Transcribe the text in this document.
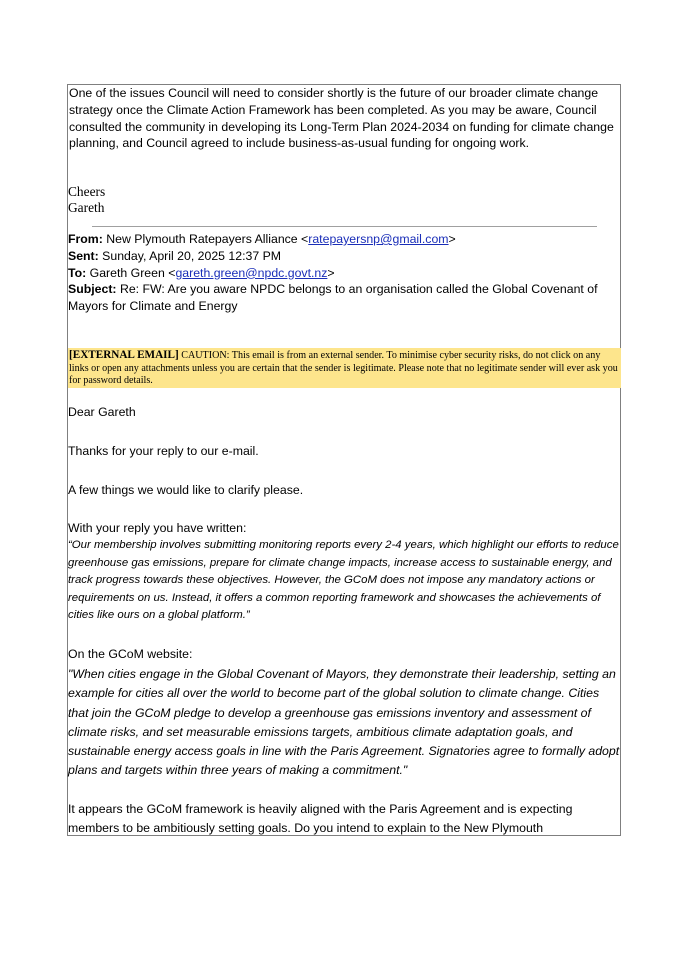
One of the issues Council will need to consider shortly is the future of our broader climate change strategy once the Climate Action Framework has been completed. As you may be aware, Council consulted the community in developing its Long-Term Plan 2024-2034 on funding for climate change planning, and Council agreed to include business-as-usual funding for ongoing work.
Cheers
Gareth
From: New Plymouth Ratepayers Alliance <ratepayersnp@gmail.com>
Sent: Sunday, April 20, 2025 12:37 PM
To: Gareth Green <gareth.green@npdc.govt.nz>
Subject: Re: FW: Are you aware NPDC belongs to an organisation called the Global Covenant of Mayors for Climate and Energy
[EXTERNAL EMAIL] CAUTION: This email is from an external sender. To minimise cyber security risks, do not click on any links or open any attachments unless you are certain that the sender is legitimate. Please note that no legitimate sender will ever ask you for password details.
Dear Gareth
Thanks for your reply to our e-mail.
A few things we would like to clarify please.
With your reply you have written:
“Our membership involves submitting monitoring reports every 2-4 years, which highlight our efforts to reduce greenhouse gas emissions, prepare for climate change impacts, increase access to sustainable energy, and track progress towards these objectives. However, the GCoM does not impose any mandatory actions or requirements on us. Instead, it offers a common reporting framework and showcases the achievements of cities like ours on a global platform.”
On the GCoM website:
"When cities engage in the Global Covenant of Mayors, they demonstrate their leadership, setting an example for cities all over the world to become part of the global solution to climate change. Cities that join the GCoM pledge to develop a greenhouse gas emissions inventory and assessment of climate risks, and set measurable emissions targets, ambitious climate adaptation goals, and sustainable energy access goals in line with the Paris Agreement. Signatories agree to formally adopt plans and targets within three years of making a commitment."
It appears the GCoM framework is heavily aligned with the Paris Agreement and is expecting members to be ambitiously setting goals. Do you intend to explain to the New Plymouth
